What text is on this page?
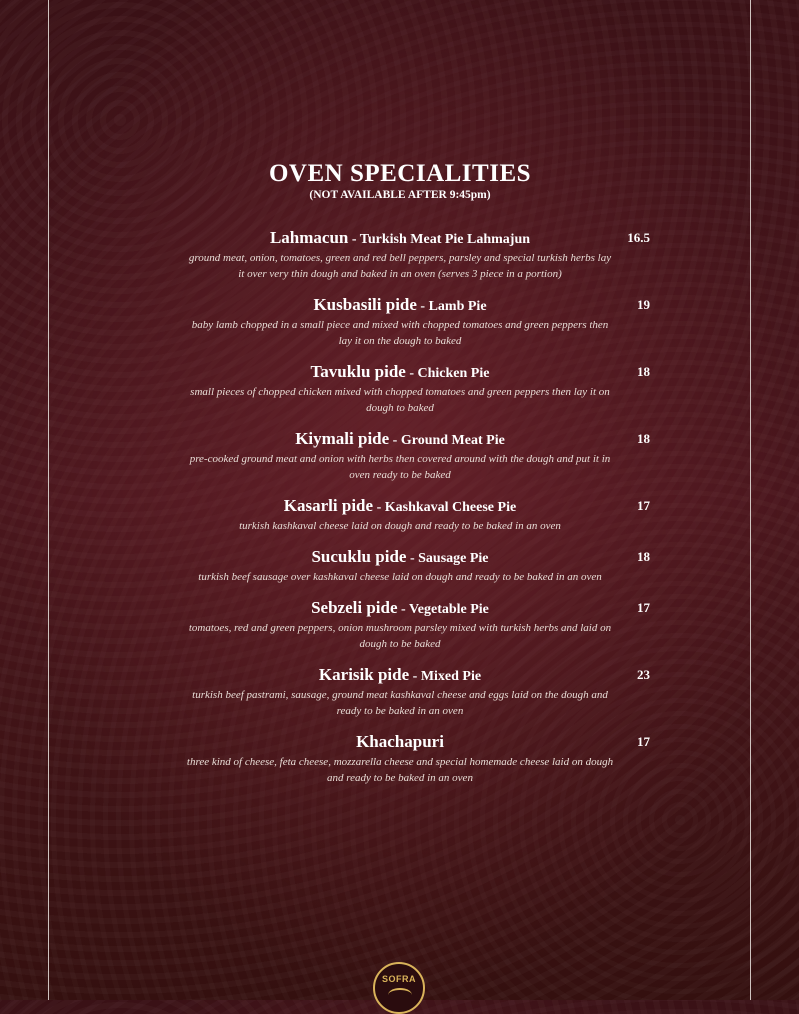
OVEN SPECIALITIES
(NOT AVAILABLE AFTER 9:45pm)
Lahmacun - Turkish Meat Pie Lahmajun
ground meat, onion, tomatoes, green and red bell peppers, parsley and special turkish herbs lay it over very thin dough and baked in an oven (serves 3 piece in a portion)
16.5
Kusbasili pide - Lamb Pie
baby lamb chopped in a small piece and mixed with chopped tomatoes and green peppers then lay it on the dough to baked
19
Tavuklu pide - Chicken Pie
small pieces of chopped chicken mixed with chopped tomatoes and green peppers then lay it on dough to baked
18
Kiymali pide - Ground Meat Pie
pre-cooked ground meat and onion with herbs then covered around with the dough and put it in oven ready to be baked
18
Kasarli pide - Kashkaval Cheese Pie
turkish kashkaval cheese laid on dough and ready to be baked in an oven
17
Sucuklu pide - Sausage Pie
turkish beef sausage over kashkaval cheese laid on dough and ready to be baked in an oven
18
Sebzeli pide - Vegetable Pie
tomatoes, red and green peppers, onion mushroom parsley mixed with turkish herbs and laid on dough to be baked
17
Karisik pide - Mixed Pie
turkish beef pastrami, sausage, ground meat kashkaval cheese and eggs laid on the dough and ready to be baked in an oven
23
Khachapuri
three kind of cheese, feta cheese, mozzarella cheese and special homemade cheese laid on dough and ready to be baked in an oven
17
SOFRA
